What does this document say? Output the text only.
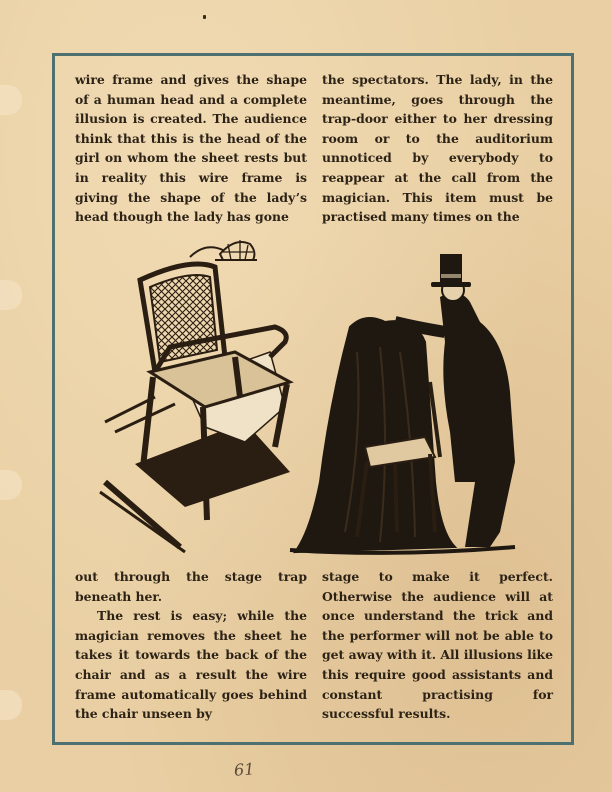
wire frame and gives the shape of a human head and a complete illusion is created. The audience think that this is the head of the girl on whom the sheet rests but in reality this wire frame is giving the shape of the lady’s head though the lady has gone

the spectators. The lady, in the meantime, goes through the trap-door either to her dressing room or to the auditorium unnoticed by everybody to reappear at the call from the magician. This item must be practised many times on the

out through the stage trap beneath her.

The rest is easy; while the magician removes the sheet he takes it towards the back of the chair and as a result the wire frame automatically goes behind the chair unseen by

stage to make it perfect. Otherwise the audience will at once understand the trick and the performer will not be able to get away with it. All illusions like this require good assistants and constant practising for successful results.

61
